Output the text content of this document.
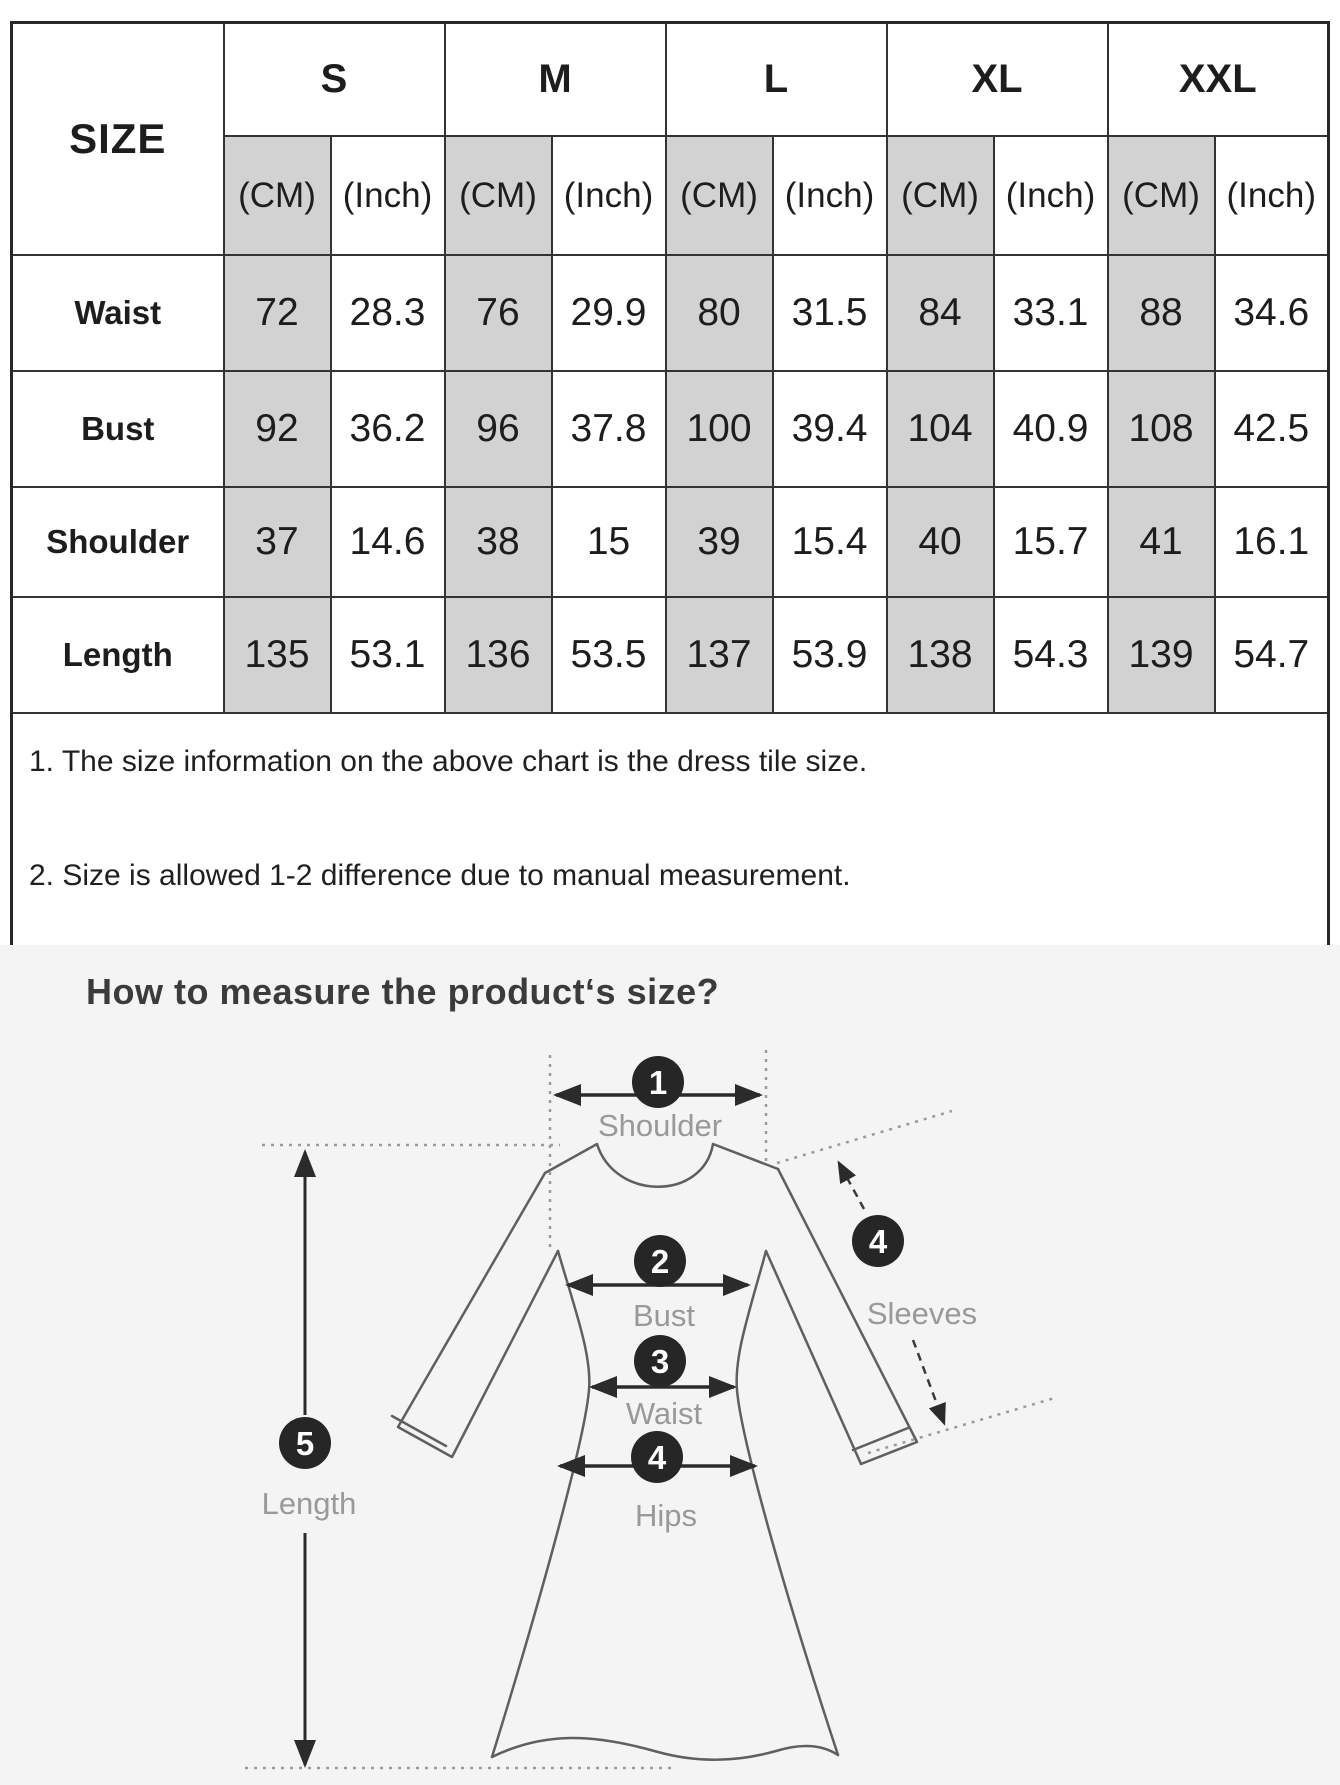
SIZE	S		M		L		XL		XXL	
	(CM)	(Inch)	(CM)	(Inch)	(CM)	(Inch)	(CM)	(Inch)	(CM)	(Inch)
Waist	72	28.3	76	29.9	80	31.5	84	33.1	88	34.6
Bust	92	36.2	96	37.8	100	39.4	104	40.9	108	42.5
Shoulder	37	14.6	38	15	39	15.4	40	15.7	41	16.1
Length	135	53.1	136	53.5	137	53.9	138	54.3	139	54.7

1. The size information on the above chart is the dress tile size.
2. Size is allowed 1-2 difference due to manual measurement.										
How to measure the product‘s size?
1
Shoulder
2
Bust
3
Waist
4
Hips
4
Sleeves
5
Length
